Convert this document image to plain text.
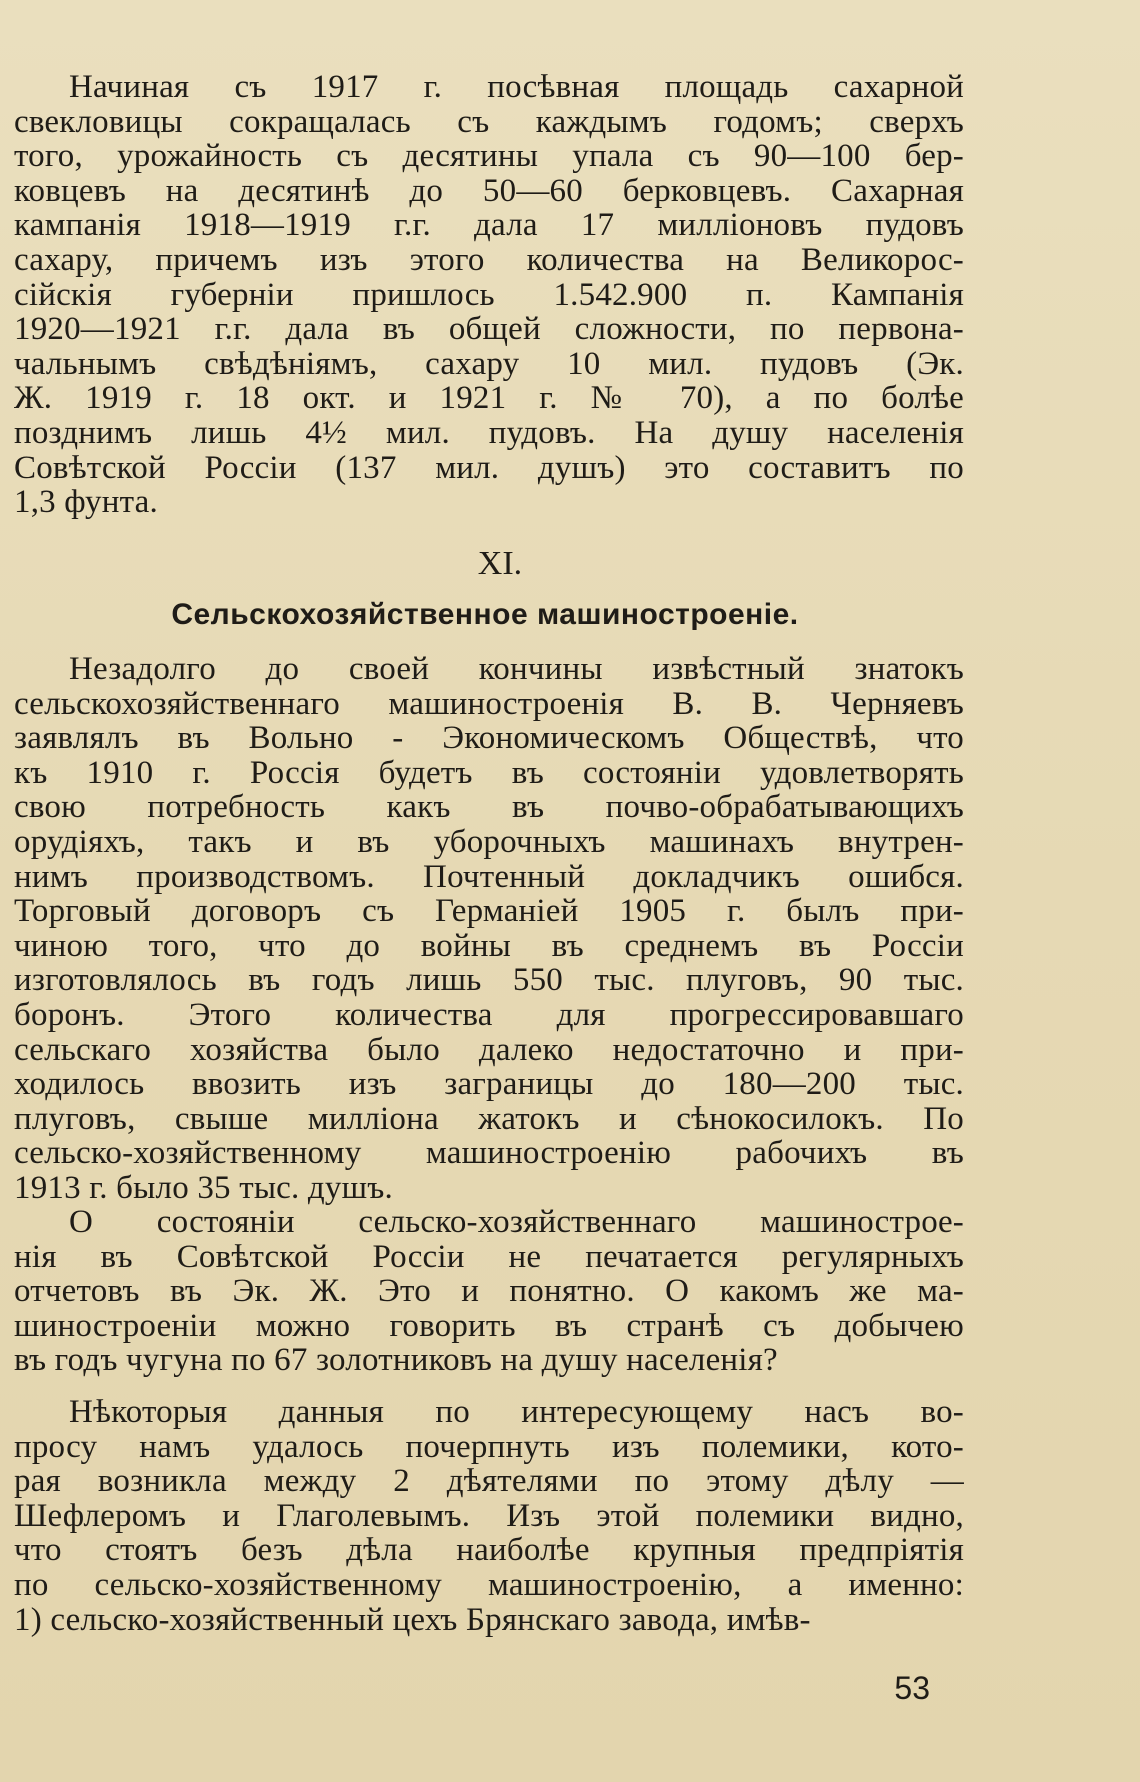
Начиная съ 1917 г. посѣвная площадь сахарной
свекловицы сокращалась съ каждымъ годомъ; сверхъ
того, урожайность съ десятины упала съ 90—100 бер-
ковцевъ на десятинѣ до 50—60 берковцевъ. Сахарная
кампанія 1918—1919 г.г. дала 17 милліоновъ пудовъ
сахару, причемъ изъ этого количества на Великорос-
сійскія губерніи пришлось 1.542.900 п. Кампанія
1920—1921 г.г. дала въ общей сложности, по первона-
чальнымъ свѣдѣніямъ, сахару 10 мил. пудовъ (Эк.
Ж. 1919 г. 18 окт. и 1921 г. № 70), а по болѣе
позднимъ лишь 4½ мил. пудовъ. На душу населенія
Совѣтской Россіи (137 мил. душъ) это составитъ по
1,3 фунта.

XI.
Сельскохозяйственное машиностроеніе.

Незадолго до своей кончины извѣстный знатокъ
сельскохозяйственнаго машиностроенія В. В. Черняевъ
заявлялъ въ Вольно - Экономическомъ Обществѣ, что
къ 1910 г. Россія будетъ въ состояніи удовлетворять
свою потребность какъ въ почво-обрабатывающихъ
орудіяхъ, такъ и въ уборочныхъ машинахъ внутрен-
нимъ производствомъ. Почтенный докладчикъ ошибся.
Торговый договоръ съ Германіей 1905 г. былъ при-
чиною того, что до войны въ среднемъ въ Россіи
изготовлялось въ годъ лишь 550 тыс. плуговъ, 90 тыс.
боронъ. Этого количества для прогрессировавшаго
сельскаго хозяйства было далеко недостаточно и при-
ходилось ввозить изъ заграницы до 180—200 тыс.
плуговъ, свыше милліона жатокъ и сѣнокосилокъ. По
сельско-хозяйственному машиностроенію рабочихъ въ
1913 г. было 35 тыс. душъ.

О состояніи сельско-хозяйственнаго машиностроe-
нія въ Совѣтской Россіи не печатается регулярныхъ
отчетовъ въ Эк. Ж. Это и понятно. О какомъ же ма-
шиностроеніи можно говорить въ странѣ съ добычею
въ годъ чугуна по 67 золотниковъ на душу населенія?

Нѣкоторыя данныя по интересующему насъ во-
просу намъ удалось почерпнуть изъ полемики, кото-
рая возникла между 2 дѣятелями по этому дѣлу —
Шефлеромъ и Глаголевымъ. Изъ этой полемики видно,
что стоятъ безъ дѣла наиболѣе крупныя предпріятія
по сельско-хозяйственному машиностроенію, а именно:
1) сельско-хозяйственный цехъ Брянскаго завода, имѣв-

53
